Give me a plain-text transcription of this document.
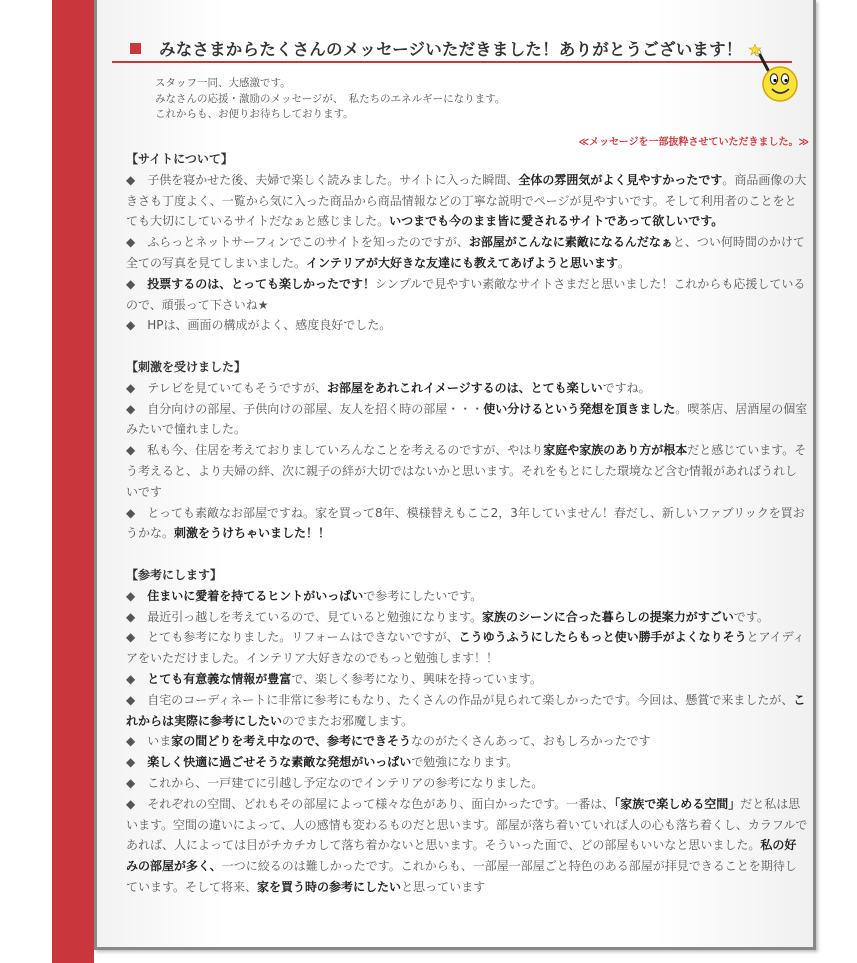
みなさまからたくさんのメッセージいただきました！ありがとうございます！
スタッフ一同、大感激です。
みなさんの応援・激励のメッセージが、　私たちのエネルギーになります。
これからも、お便りお待ちしております。
≪メッセージを一部抜粋させていただきました。≫
【サイトについて】

◆　子供を寝かせた後、夫婦で楽しく読みました。サイトに入った瞬間、全体の雰囲気がよく見やすかったです。商品画像の大きさも丁度よく、一覧から気に入った商品から商品情報などの丁寧な説明でページが見やすいです。そして利用者のことをとても大切にしているサイトだなぁと感じました。いつまでも今のまま皆に愛されるサイトであって欲しいです。

◆　ふらっとネットサーフィンでこのサイトを知ったのですが、お部屋がこんなに素敵になるんだなぁと、つい何時間のかけて全ての写真を見てしまいました。インテリアが大好きな友達にも教えてあげようと思います。

◆　投票するのは、とっても楽しかったです！シンプルで見やすい素敵なサイトさまだと思いました！これからも応援しているので、頑張って下さいね★

◆　HPは、画面の構成がよく、感度良好でした。

【刺激を受けました】

◆　テレビを見ていてもそうですが、お部屋をあれこれイメージするのは、とても楽しいですね。

◆　自分向けの部屋、子供向けの部屋、友人を招く時の部屋・・・使い分けるという発想を頂きました。喫茶店、居酒屋の個室みたいで憧れました。

◆　私も今、住居を考えておりましていろんなことを考えるのですが、やはり家庭や家族のあり方が根本だと感じています。そう考えると、より夫婦の絆、次に親子の絆が大切ではないかと思います。それをもとにした環境など含む情報があればうれしいです

◆　とっても素敵なお部屋ですね。家を買って8年、模様替えもここ2，3年していません！春だし、新しいファブリックを買おうかな。刺激をうけちゃいました！！

【参考にします】

◆　住まいに愛着を持てるヒントがいっぱいで参考にしたいです。

◆　最近引っ越しを考えているので、見ていると勉強になります。家族のシーンに合った暮らしの提案力がすごいです。

◆　とても参考になりました。リフォームはできないですが、こうゆうふうにしたらもっと使い勝手がよくなりそうとアイディアをいただけました。インテリア大好きなのでもっと勉強します！！

◆　とても有意義な情報が豊富で、楽しく参考になり、興味を持っています。

◆　自宅のコーディネートに非常に参考にもなり、たくさんの作品が見られて楽しかったです。今回は、懸賞で来ましたが、これからは実際に参考にしたいのでまたお邪魔します。

◆　いま家の間どりを考え中なので、参考にできそうなのがたくさんあって、おもしろかったです

◆　楽しく快適に過ごせそうな素敵な発想がいっぱいで勉強になります。

◆　これから、一戸建てに引越し予定なのでインテリアの参考になりました。

◆　それぞれの空間、どれもその部屋によって様々な色があり、面白かったです。一番は、「家族で楽しめる空間」だと私は思います。空間の違いによって、人の感情も変わるものだと思います。部屋が落ち着いていれば人の心も落ち着くし、カラフルであれば、人によっては目がチカチカして落ち着かないと思います。そういった面で、どの部屋もいいなと思いました。私の好みの部屋が多く、一つに絞るのは難しかったです。これからも、一部屋一部屋ごと特色のある部屋が拝見できることを期待しています。そして将来、家を買う時の参考にしたいと思っています
